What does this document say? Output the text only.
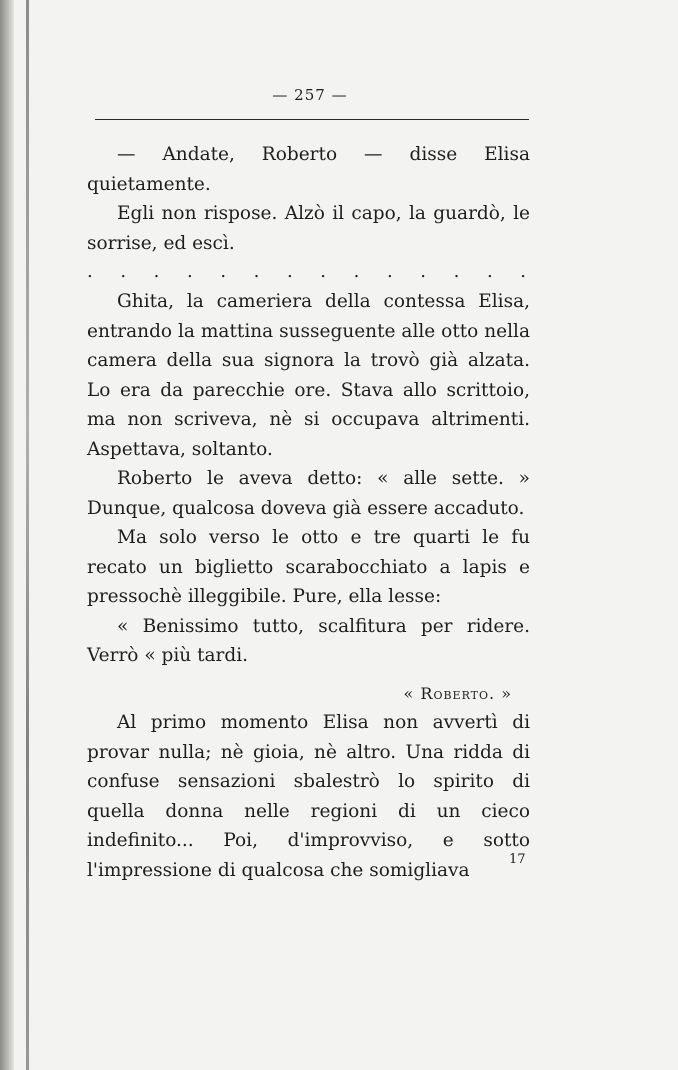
— 257 —

— Andate, Roberto — disse Elisa quietamente.

Egli non rispose. Alzò il capo, la guardò, le sorrise, ed escì.

. . . . . . . . . . . . . .

Ghita, la cameriera della contessa Elisa, entrando la mattina susseguente alle otto nella camera della sua signora la trovò già alzata. Lo era da parecchie ore. Stava allo scrittoio, ma non scriveva, nè si occupava altrimenti. Aspettava, soltanto.

Roberto le aveva detto: « alle sette. » Dunque, qualcosa doveva già essere accaduto.

Ma solo verso le otto e tre quarti le fu recato un biglietto scarabocchiato a lapis e pressochè illeggibile. Pure, ella lesse:

« Benissimo tutto, scalfitura per ridere. Verrò « più tardi.

« Roberto. »

Al primo momento Elisa non avvertì di provar nulla; nè gioia, nè altro. Una ridda di confuse sensazioni sbalestrò lo spirito di quella donna nelle regioni di un cieco indefinito... Poi, d'improvviso, e sotto l'impressione di qualcosa che somigliava	17
